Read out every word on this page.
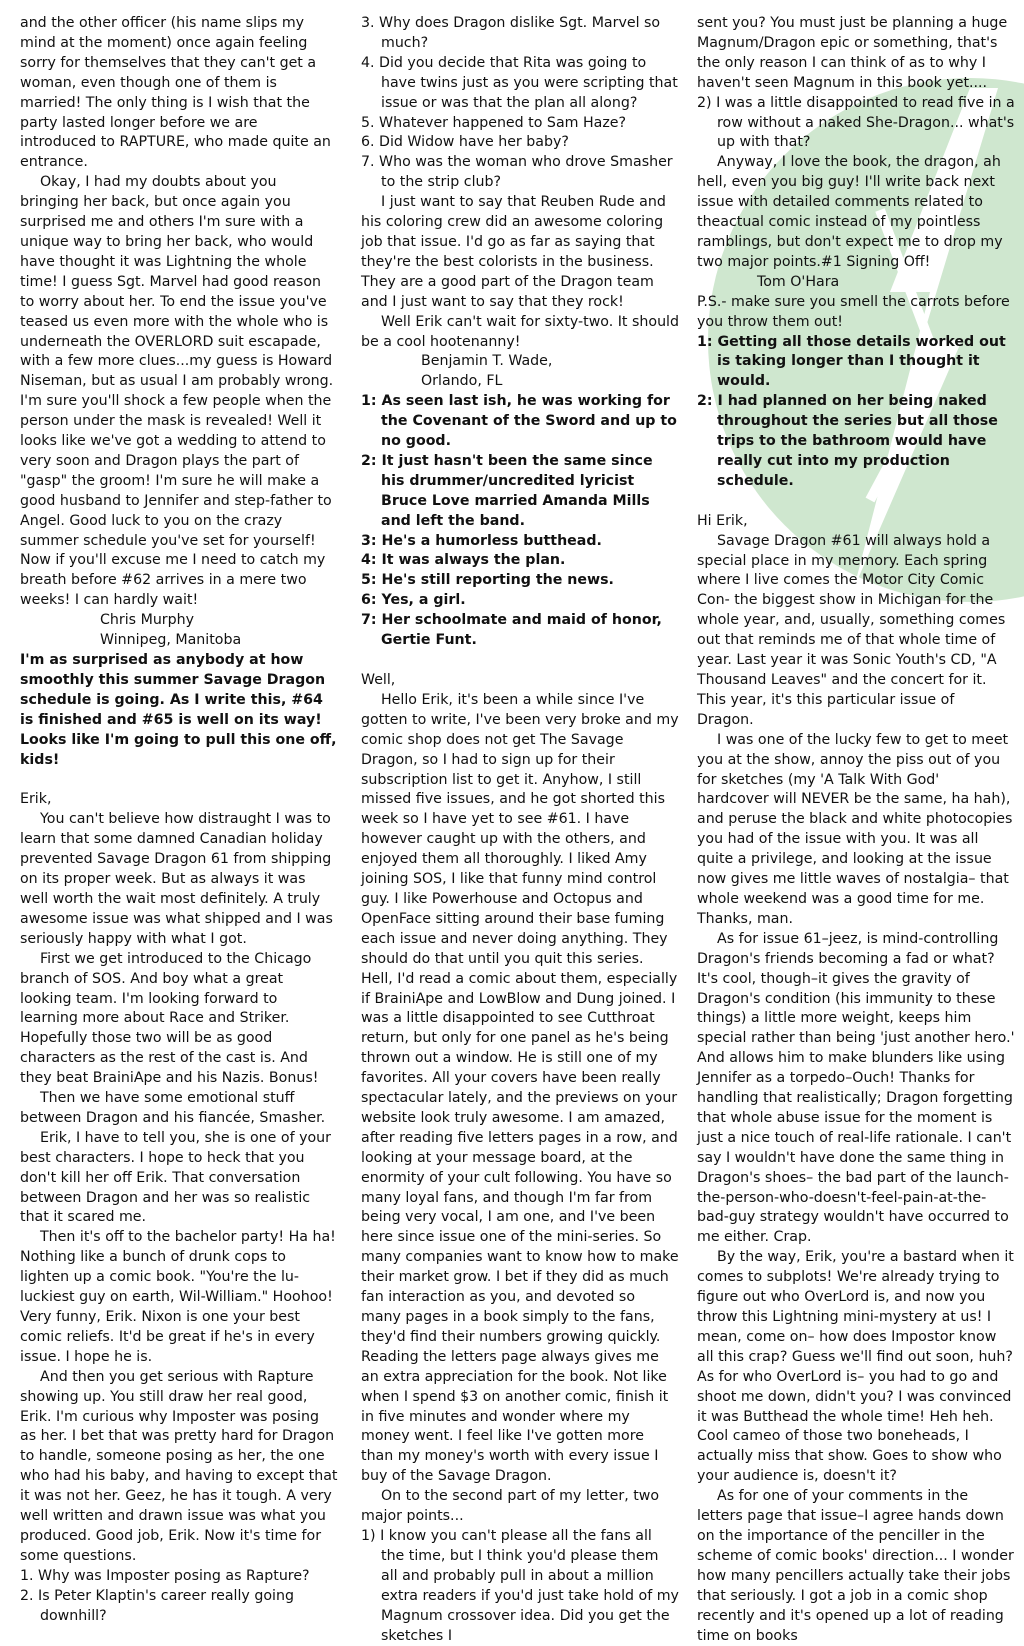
and the other officer (his name slips my mind at the moment) once again feeling sorry for themselves that they can't get a woman, even though one of them is married! The only thing is I wish that the party lasted longer before we are introduced to RAPTURE, who made quite an entrance.

Okay, I had my doubts about you bringing her back, but once again you surprised me and others I'm sure with a unique way to bring her back, who would have thought it was Lightning the whole time! I guess Sgt. Marvel had good reason to worry about her. To end the issue you've teased us even more with the whole who is underneath the OVERLORD suit escapade, with a few more clues...my guess is Howard Niseman, but as usual I am probably wrong. I'm sure you'll shock a few people when the person under the mask is revealed! Well it looks like we've got a wedding to attend to very soon and Dragon plays the part of "gasp" the groom! I'm sure he will make a good husband to Jennifer and step-father to Angel. Good luck to you on the crazy summer schedule you've set for yourself! Now if you'll excuse me I need to catch my breath before #62 arrives in a mere two weeks! I can hardly wait!

Chris Murphy

Winnipeg, Manitoba

I'm as surprised as anybody at how smoothly this summer Savage Dragon schedule is going. As I write this, #64 is finished and #65 is well on its way! Looks like I'm going to pull this one off, kids!

Erik,

You can't believe how distraught I was to learn that some damned Canadian holiday prevented Savage Dragon 61 from shipping on its proper week. But as always it was well worth the wait most definitely. A truly awesome issue was what shipped and I was seriously happy with what I got.

First we get introduced to the Chicago branch of SOS. And boy what a great looking team. I'm looking forward to learning more about Race and Striker. Hopefully those two will be as good characters as the rest of the cast is. And they beat BrainiApe and his Nazis. Bonus!

Then we have some emotional stuff between Dragon and his fiancée, Smasher.

Erik, I have to tell you, she is one of your best characters. I hope to heck that you don't kill her off Erik. That conversation between Dragon and her was so realistic that it scared me.

Then it's off to the bachelor party! Ha ha! Nothing like a bunch of drunk cops to lighten up a comic book. "You're the lu-luckiest guy on earth, Wil-William." Hoohoo! Very funny, Erik. Nixon is one your best comic reliefs. It'd be great if he's in every issue. I hope he is.

And then you get serious with Rapture showing up. You still draw her real good, Erik. I'm curious why Imposter was posing as her. I bet that was pretty hard for Dragon to handle, someone posing as her, the one who had his baby, and having to except that it was not her. Geez, he has it tough. A very well written and drawn issue was what you produced. Good job, Erik. Now it's time for some questions.

1. Why was Imposter posing as Rapture?

2. Is Peter Klaptin's career really going downhill?

3. Why does Dragon dislike Sgt. Marvel so much?

4. Did you decide that Rita was going to have twins just as you were scripting that issue or was that the plan all along?

5. Whatever happened to Sam Haze?

6. Did Widow have her baby?

7. Who was the woman who drove Smasher to the strip club?

I just want to say that Reuben Rude and his coloring crew did an awesome coloring job that issue. I'd go as far as saying that they're the best colorists in the business. They are a good part of the Dragon team and I just want to say that they rock!

Well Erik can't wait for sixty-two. It should be a cool hootenanny!

Benjamin T. Wade,

Orlando, FL

1: As seen last ish, he was working for the Covenant of the Sword and up to no good.

2: It just hasn't been the same since his drummer/uncredited lyricist Bruce Love married Amanda Mills and left the band.

3: He's a humorless butthead.

4: It was always the plan.

5: He's still reporting the news.

6: Yes, a girl.

7: Her schoolmate and maid of honor, Gertie Funt.

Well,

Hello Erik, it's been a while since I've gotten to write, I've been very broke and my comic shop does not get The Savage Dragon, so I had to sign up for their subscription list to get it. Anyhow, I still missed five issues, and he got shorted this week so I have yet to see #61. I have however caught up with the others, and enjoyed them all thoroughly. I liked Amy joining SOS, I like that funny mind control guy. I like Powerhouse and Octopus and OpenFace sitting around their base fuming each issue and never doing anything. They should do that until you quit this series. Hell, I'd read a comic about them, especially if BrainiApe and LowBlow and Dung joined. I was a little disappointed to see Cutthroat return, but only for one panel as he's being thrown out a window. He is still one of my favorites. All your covers have been really spectacular lately, and the previews on your website look truly awesome. I am amazed, after reading five letters pages in a row, and looking at your message board, at the enormity of your cult following. You have so many loyal fans, and though I'm far from being very vocal, I am one, and I've been here since issue one of the mini-series. So many companies want to know how to make their market grow. I bet if they did as much fan interaction as you, and devoted so many pages in a book simply to the fans, they'd find their numbers growing quickly. Reading the letters page always gives me an extra appreciation for the book. Not like when I spend $3 on another comic, finish it in five minutes and wonder where my money went. I feel like I've gotten more than my money's worth with every issue I buy of the Savage Dragon.

On to the second part of my letter, two major points...

1) I know you can't please all the fans all the time, but I think you'd please them all and probably pull in about a million extra readers if you'd just take hold of my Magnum crossover idea. Did you get the sketches I

sent you? You must just be planning a huge Magnum/Dragon epic or something, that's the only reason I can think of as to why I haven't seen Magnum in this book yet....

2) I was a little disappointed to read five in a row without a naked She-Dragon... what's up with that?

Anyway, I love the book, the dragon, ah hell, even you big guy! I'll write back next issue with detailed comments related to theactual comic instead of my pointless ramblings, but don't expect me to drop my two major points.#1 Signing Off!

Tom O'Hara

P.S.- make sure you smell the carrots before you throw them out!

1: Getting all those details worked out is taking longer than I thought it would.

2: I had planned on her being naked throughout the series but all those trips to the bathroom would have really cut into my production schedule.

Hi Erik,

Savage Dragon #61 will always hold a special place in my memory. Each spring where I live comes the Motor City Comic Con- the biggest show in Michigan for the whole year, and, usually, something comes out that reminds me of that whole time of year. Last year it was Sonic Youth's CD, "A Thousand Leaves" and the concert for it. This year, it's this particular issue of Dragon.

I was one of the lucky few to get to meet you at the show, annoy the piss out of you for sketches (my 'A Talk With God' hardcover will NEVER be the same, ha hah), and peruse the black and white photocopies you had of the issue with you. It was all quite a privilege, and looking at the issue now gives me little waves of nostalgia– that whole weekend was a good time for me. Thanks, man.

As for issue 61–jeez, is mind-controlling Dragon's friends becoming a fad or what? It's cool, though–it gives the gravity of Dragon's condition (his immunity to these things) a little more weight, keeps him special rather than being 'just another hero.' And allows him to make blunders like using Jennifer as a torpedo–Ouch! Thanks for handling that realistically; Dragon forgetting that whole abuse issue for the moment is just a nice touch of real-life rationale. I can't say I wouldn't have done the same thing in Dragon's shoes– the bad part of the launch-the-person-who-doesn't-feel-pain-at-the-bad-guy strategy wouldn't have occurred to me either. Crap.

By the way, Erik, you're a bastard when it comes to subplots! We're already trying to figure out who OverLord is, and now you throw this Lightning mini-mystery at us! I mean, come on– how does Impostor know all this crap? Guess we'll find out soon, huh? As for who OverLord is– you had to go and shoot me down, didn't you? I was convinced it was Butthead the whole time! Heh heh. Cool cameo of those two boneheads, I actually miss that show. Goes to show who your audience is, doesn't it?

As for one of your comments in the letters page that issue–I agree hands down on the importance of the penciller in the scheme of comic books' direction... I wonder how many pencillers actually take their jobs that seriously. I got a job in a comic shop recently and it's opened up a lot of reading time on books
